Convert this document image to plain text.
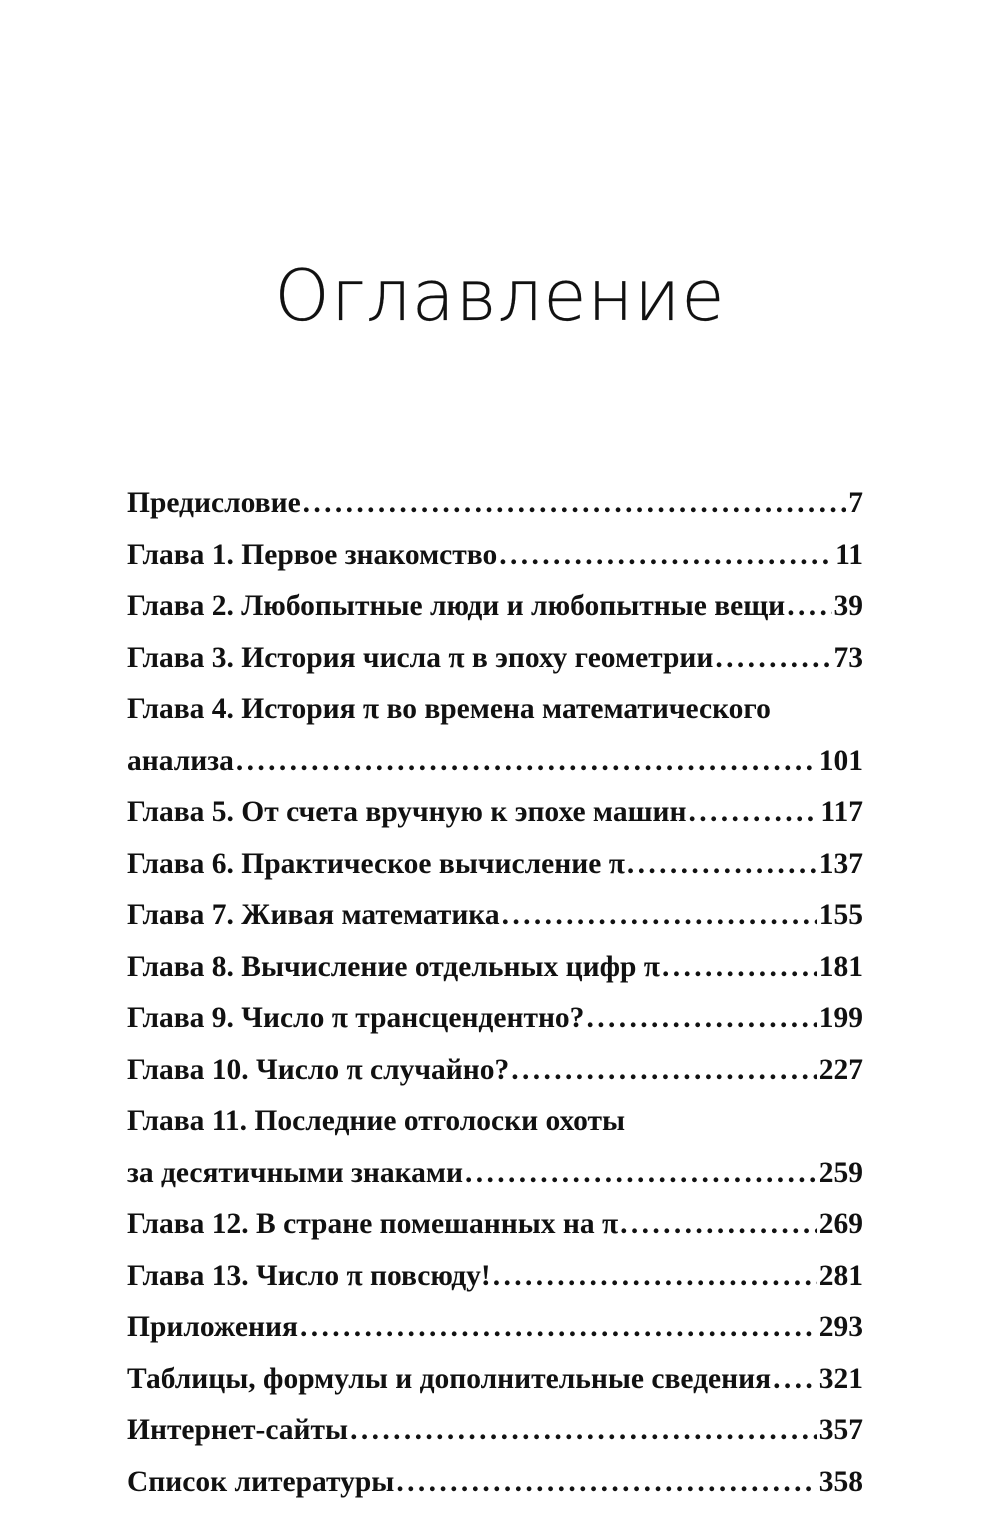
Оглавление
Предисловие . . .	7
Глава 1. Первое знакомство . . .	11
Глава 2. Любопытные люди и любопытные вещи . . . 39
Глава 3. История числа π в эпоху геометрии . . .	73
Глава 4. История π во времена математического
анализа . . .	101
Глава 5. От счета вручную к эпохе машин . . .	117
Глава 6. Практическое вычисление π . . .	137
Глава 7. Живая математика . . .	155
Глава 8. Вычисление отдельных цифр π . . .	181
Глава 9. Число π трансцендентно? . . .	199
Глава 10. Число π случайно? . . .	227
Глава 11. Последние отголоски охоты
за десятичными знаками . . .	259
Глава 12. В стране помешанных на π . . .	269
Глава 13. Число π повсюду! . . .	281
Приложения . . .	293
Таблицы, формулы и дополнительные сведения . . . 321
Интернет-сайты . . .	357
Список литературы . . .	358
